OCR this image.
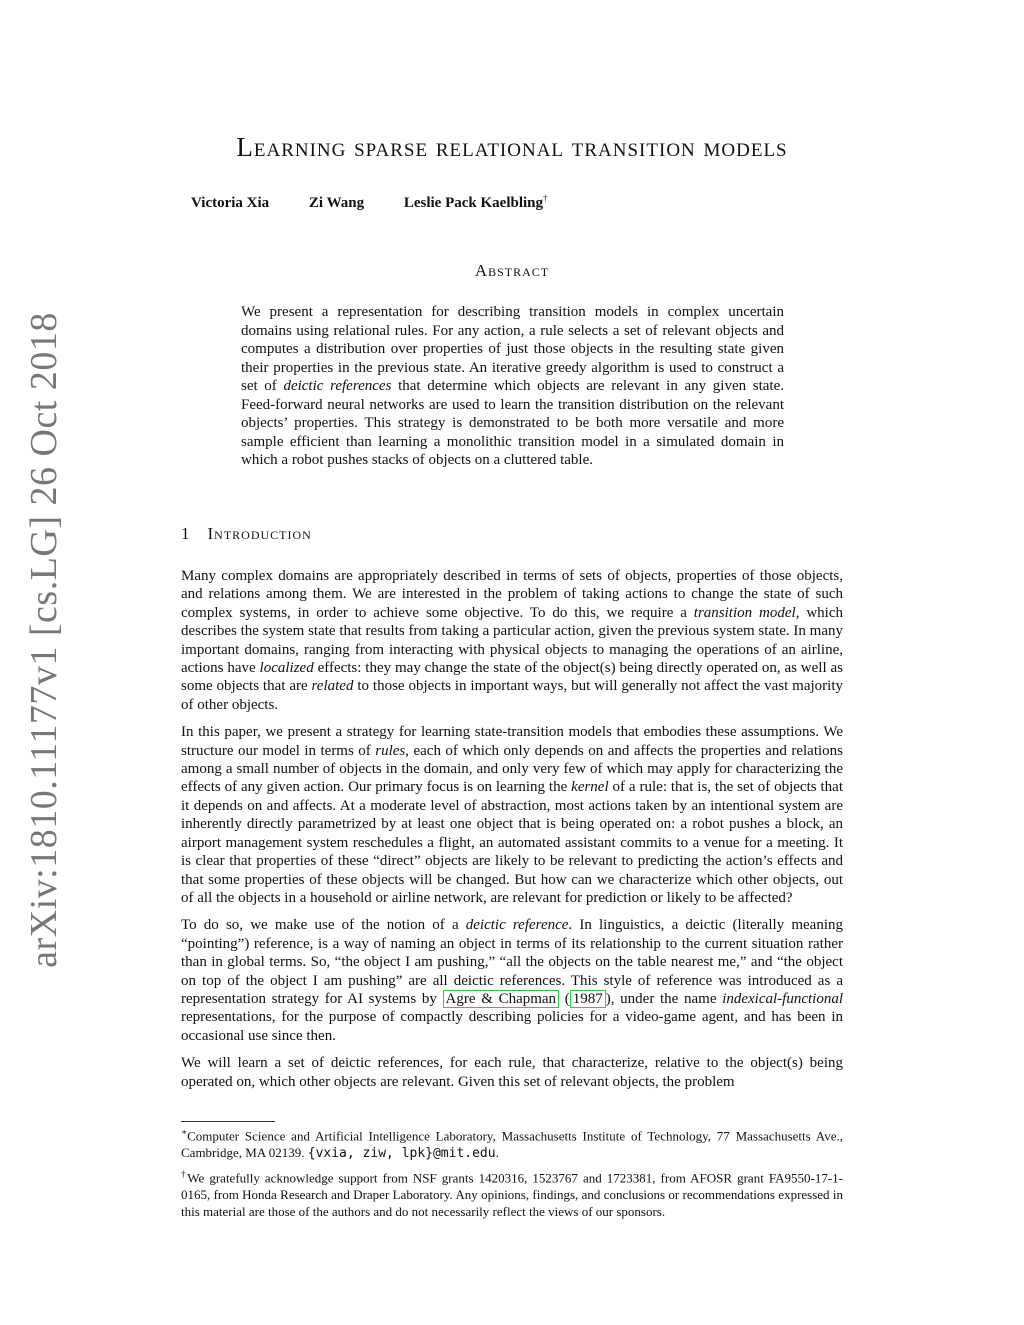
arXiv:1810.11177v1 [cs.LG] 26 Oct 2018
Learning sparse relational transition models
Victoria Xia	Zi Wang	Leslie Pack Kaelbling†
Abstract
We present a representation for describing transition models in complex uncertain domains using relational rules. For any action, a rule selects a set of relevant objects and computes a distribution over properties of just those objects in the resulting state given their properties in the previous state. An iterative greedy algorithm is used to construct a set of deictic references that determine which objects are relevant in any given state. Feed-forward neural networks are used to learn the transition distribution on the relevant objects’ properties. This strategy is demonstrated to be both more versatile and more sample efficient than learning a monolithic transition model in a simulated domain in which a robot pushes stacks of objects on a cluttered table.
1 Introduction

Many complex domains are appropriately described in terms of sets of objects, properties of those objects, and relations among them. We are interested in the problem of taking actions to change the state of such complex systems, in order to achieve some objective. To do this, we require a transition model, which describes the system state that results from taking a particular action, given the previous system state. In many important domains, ranging from interacting with physical objects to managing the operations of an airline, actions have localized effects: they may change the state of the object(s) being directly operated on, as well as some objects that are related to those objects in important ways, but will generally not affect the vast majority of other objects.

In this paper, we present a strategy for learning state-transition models that embodies these assumptions. We structure our model in terms of rules, each of which only depends on and affects the properties and relations among a small number of objects in the domain, and only very few of which may apply for characterizing the effects of any given action. Our primary focus is on learning the kernel of a rule: that is, the set of objects that it depends on and affects. At a moderate level of abstraction, most actions taken by an intentional system are inherently directly parametrized by at least one object that is being operated on: a robot pushes a block, an airport management system reschedules a flight, an automated assistant commits to a venue for a meeting. It is clear that properties of these “direct” objects are likely to be relevant to predicting the action’s effects and that some properties of these objects will be changed. But how can we characterize which other objects, out of all the objects in a household or airline network, are relevant for prediction or likely to be affected?

To do so, we make use of the notion of a deictic reference. In linguistics, a deictic (literally meaning “pointing”) reference, is a way of naming an object in terms of its relationship to the current situation rather than in global terms. So, “the object I am pushing,” “all the objects on the table nearest me,” and “the object on top of the object I am pushing” are all deictic references. This style of reference was introduced as a representation strategy for AI systems by Agre & Chapman ( 1987 ), under the name indexical-functional representations, for the purpose of compactly describing policies for a video-game agent, and has been in occasional use since then.

We will learn a set of deictic references, for each rule, that characterize, relative to the object(s) being operated on, which other objects are relevant. Given this set of relevant objects, the problem

∗Computer Science and Artificial Intelligence Laboratory, Massachusetts Institute of Technology, 77 Massachusetts Ave., Cambridge, MA 02139. {vxia, ziw, lpk}@mit.edu.

†We gratefully acknowledge support from NSF grants 1420316, 1523767 and 1723381, from AFOSR grant FA9550-17-1-0165, from Honda Research and Draper Laboratory. Any opinions, findings, and conclusions or recommendations expressed in this material are those of the authors and do not necessarily reflect the views of our sponsors.
